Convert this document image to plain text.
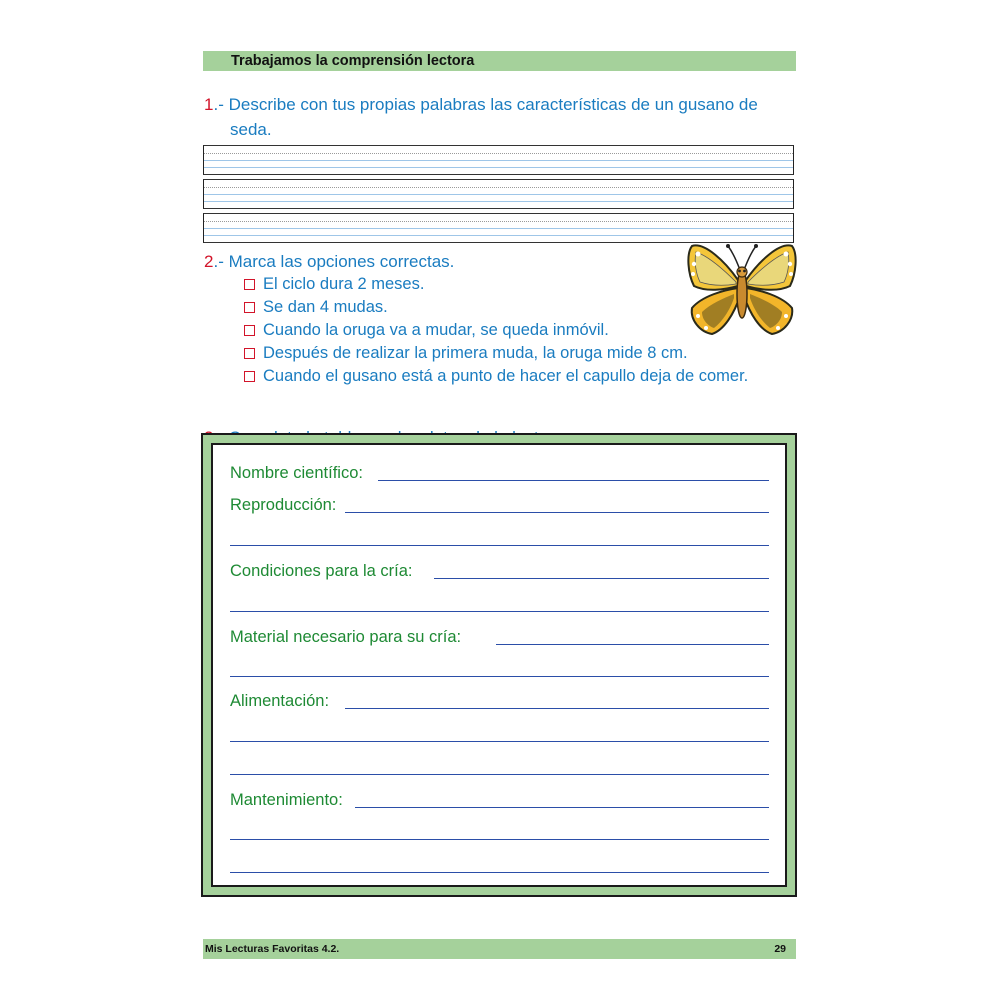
Trabajamos la comprensión lectora
1.- Describe con tus propias palabras las características de un gusano de
seda.
2.- Marca las opciones correctas.
El ciclo dura 2 meses.
Se dan 4 mudas.
Cuando la oruga va a mudar, se queda inmóvil.
Después de realizar la primera muda, la oruga mide 8 cm.
Cuando el gusano está a punto de hacer el capullo deja de comer.
Nombre científico:
Reproducción:
Condiciones para la cría:
Material necesario para su cría:
Alimentación:
Mantenimiento:
Mis Lecturas Favoritas 4.2.	29
